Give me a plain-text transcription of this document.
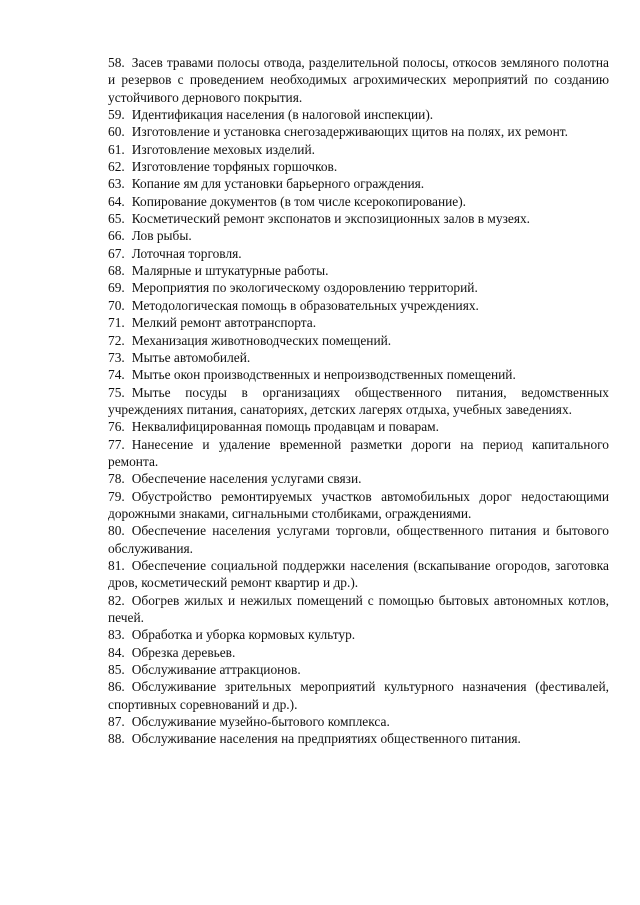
58. Засев травами полосы отвода, разделительной полосы, откосов земляного полотна и резервов с проведением необходимых агрохимических мероприятий по созданию устойчивого дернового покрытия.

59. Идентификация населения (в налоговой инспекции).

60. Изготовление и установка снегозадерживающих щитов на полях, их ремонт.

61. Изготовление меховых изделий.

62. Изготовление торфяных горшочков.

63. Копание ям для установки барьерного ограждения.

64. Копирование документов (в том числе ксерокопирование).

65. Косметический ремонт экспонатов и экспозиционных залов в музеях.

66. Лов рыбы.

67. Лоточная торговля.

68. Малярные и штукатурные работы.

69. Мероприятия по экологическому оздоровлению территорий.

70. Методологическая помощь в образовательных учреждениях.

71. Мелкий ремонт автотранспорта.

72. Механизация животноводческих помещений.

73. Мытье автомобилей.

74. Мытье окон производственных и непроизводственных помещений.

75. Мытье посуды в организациях общественного питания, ведомственных учреждениях питания, санаториях, детских лагерях отдыха, учебных заведениях.

76. Неквалифицированная помощь продавцам и поварам.

77. Нанесение и удаление временной разметки дороги на период капитального ремонта.

78. Обеспечение населения услугами связи.

79. Обустройство ремонтируемых участков автомобильных дорог недостающими дорожными знаками, сигнальными столбиками, ограждениями.

80. Обеспечение населения услугами торговли, общественного питания и бытового обслуживания.

81. Обеспечение социальной поддержки населения (вскапывание огородов, заготовка дров, косметический ремонт квартир и др.).

82. Обогрев жилых и нежилых помещений с помощью бытовых автономных котлов, печей.

83. Обработка и уборка кормовых культур.

84. Обрезка деревьев.

85. Обслуживание аттракционов.

86. Обслуживание зрительных мероприятий культурного назначения (фестивалей, спортивных соревнований и др.).

87. Обслуживание музейно-бытового комплекса.

88. Обслуживание населения на предприятиях общественного питания.
